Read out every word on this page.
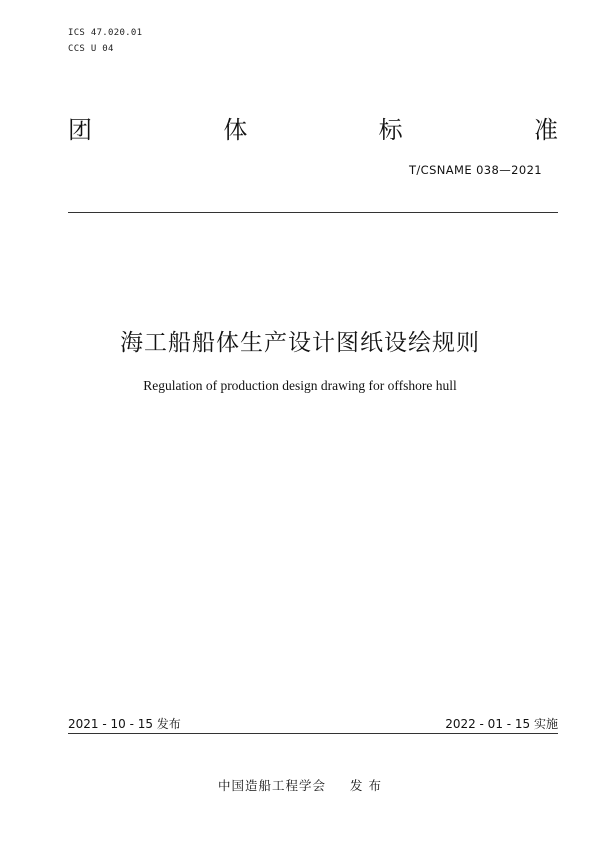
ICS 47.020.01
CCS U 04
团	体	标	准
T/CSNAME 038—2021
海工船船体生产设计图纸设绘规则
Regulation of production design drawing for offshore hull
2021 - 10 - 15 发布	2022 - 01 - 15 实施
中国造船工程学会 发 布
